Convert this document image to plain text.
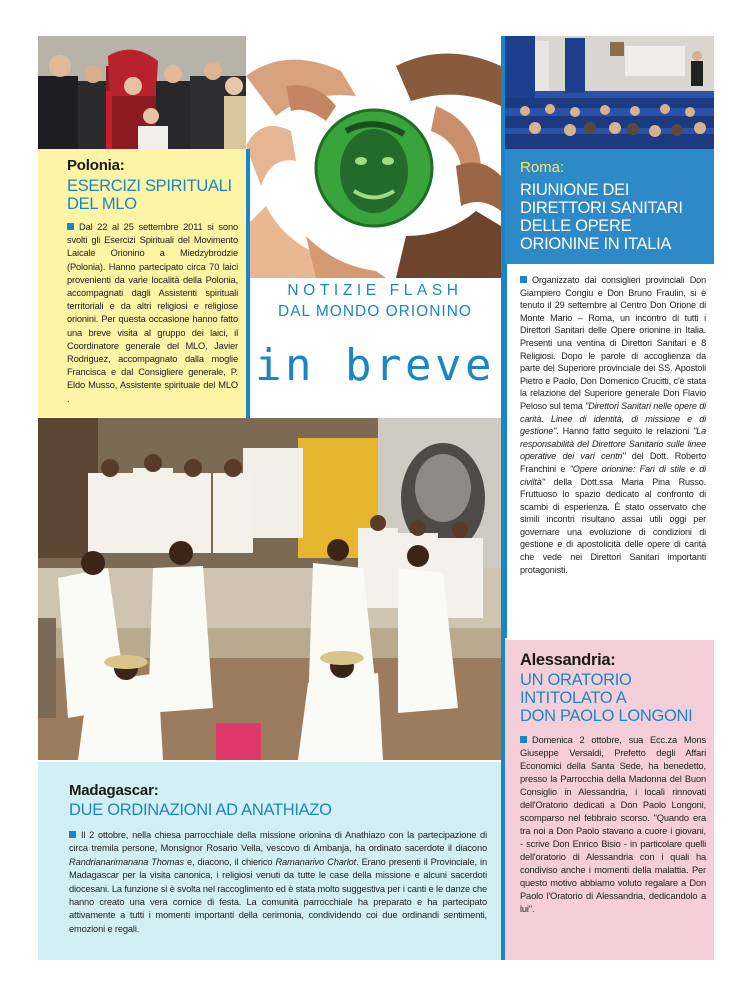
Polonia:
ESERCIZI SPIRITUALI
DEL MLO
Dal 22 al 25 settembre 2011 si sono svolti gli Esercizi Spirituali del Movimento Laicale Orionino a Miedzybrodzie (Polonia). Hanno partecipato circa 70 laici provenienti da varie località della Polonia, accompagnati dagli Assistenti spirituali territoriali e da altri religiosi e religiose orionini. Per questa occasione hanno fatto una breve visita al gruppo dei laici, il Coordinatore generale del MLO, Javier Rodriguez, accompagnato dalla moglie Francisca e dal Consigliere generale, P. Eldo Musso, Assistente spirituale del MLO .
NOTIZIE FLASH
DAL MONDO ORIONINO
in breve
Roma:
RIUNIONE DEI
DIRETTORI SANITARI
DELLE OPERE
ORIONINE IN ITALIA
Organizzato dai consiglieri provinciali Don Giampiero Congiu e Don Bruno Fraulin, si è tenuto il 29 settembre al Centro Don Orione di Monte Mario – Roma, un incontro di tutti i Direttori Sanitari delle Opere orionine in Italia. Presenti una ventina di Direttori Sanitari e 8 Religiosi. Dopo le parole di accoglienza da parte del Superiore provinciale dei SS. Apostoli Pietro e Paolo, Don Domenico Crucitti, c'è stata la relazione del Superiore generale Don Flavio Peloso sul tema "Direttori Sanitari nelle opere di carità. Linee di identità, di missione e di gestione". Hanno fatto seguito le relazioni "La responsabilità del Direttore Sanitario sulle linee operative dei vari centri" del Dott. Roberto Franchini e "Opere orionine: Fari di stile e di civiltà" della Dott.ssa Maria Pina Russo. Fruttuoso lo spazio dedicato al confronto di scambi di esperienza. È stato osservato che simili incontri risultano assai utili oggi per governare una evoluzione di condizioni di gestione e di apostolicità delle opere di carità che vede nei Direttori Sanitari importanti protagonisti.
Alessandria:
UN ORATORIO
INTITOLATO A
DON PAOLO LONGONI
Domenica 2 ottobre, sua Ecc.za Mons Giuseppe Versaldi, Prefetto degli Affari Economici della Santa Sede, ha benedetto, presso la Parrocchia della Madonna del Buon Consiglio in Alessandria, i locali rinnovati dell'Oratorio dedicati a Don Paolo Longoni, scomparso nel febbraio scorso. "Quando era tra noi a Don Paolo stavano a cuore i giovani, - scrive Don Enrico Bisio - in particolare quelli dell'oratorio di Alessandria con i quali ha condiviso anche i momenti della malattia. Per questo motivo abbiamo voluto regalare a Don Paolo l'Oratorio di Alessandria, dedicandolo a lui".
Madagascar:
DUE ORDINAZIONI AD ANATHIAZO
Il 2 ottobre, nella chiesa parrocchiale della missione orionina di Anathiazo con la partecipazione di circa tremila persone, Monsignor Rosario Vella, vescovo di Ambanja, ha ordinato sacerdote il diacono Randrianarimanana Thomas e, diacono, il chierico Ramanarivo Charlot. Erano presenti il Provinciale, in Madagascar per la visita canonica, i religiosi venuti da tutte le case della missione e alcuni sacerdoti diocesani. La funzione si è svolta nel raccoglimento ed è stata molto suggestiva per i canti e le danze che hanno creato una vera cornice di festa. La comunità parrocchiale ha preparato e ha partecipato attivamente a tutti i momenti importanti della cerimonia, condividendo coi due ordinandi sentimenti, emozioni e regali.
